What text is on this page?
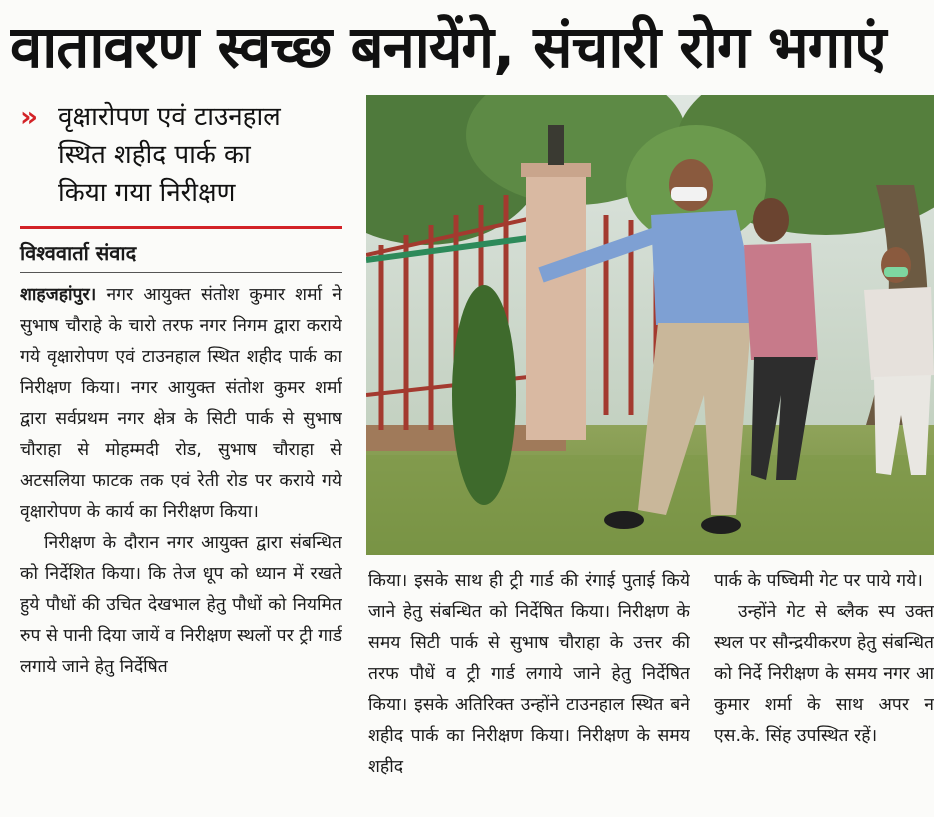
वातावरण स्वच्छ बनायेंगे, संचारी रोग भगाएं
» वृक्षारोपण एवं टाउनहाल
स्थित शहीद पार्क का
किया गया निरीक्षण
विश्ववार्ता संवाद

शाहजहांपुर। नगर आयुक्त संतोश कुमार शर्मा ने सुभाष चौराहे के चारो तरफ नगर निगम द्वारा कराये गये वृक्षारोपण एवं टाउनहाल स्थित शहीद पार्क का निरीक्षण किया। नगर आयुक्त संतोश कुमर शर्मा द्वारा सर्वप्रथम नगर क्षेत्र के सिटी पार्क से सुभाष चौराहा से मोहम्मदी रोड, सुभाष चौराहा से अटसलिया फाटक तक एवं रेती रोड पर कराये गये वृक्षारोपण के कार्य का निरीक्षण किया।

निरीक्षण के दौरान नगर आयुक्त द्वारा संबन्धित को निर्देशित किया। कि तेज धूप को ध्यान में रखते हुये पौधों की उचित देखभाल हेतु पौधों को नियमित रुप से पानी दिया जायें व निरीक्षण स्थलों पर ट्री गार्ड लगाये जाने हेतु निर्देषित

किया। इसके साथ ही ट्री गार्ड की रंगाई पुताई किये जाने हेतु संबन्धित को निर्देषित किया। निरीक्षण के समय सिटी पार्क से सुभाष चौराहा के उत्तर की तरफ पौधें व ट्री गार्ड लगाये जाने हेतु निर्देषित किया। इसके अतिरिक्त उन्होंने टाउनहाल स्थित बने शहीद पार्क का निरीक्षण किया। निरीक्षण के समय शहीद

पार्क के पष्चिमी गेट पर पाये गये।

उन्होंने गेट से ब्लैक स्प उक्त स्थल पर सौन्द्रयीकरण हेतु संबन्धित को निर्दे निरीक्षण के समय नगर आ कुमार शर्मा के साथ अपर न एस.के. सिंह उपस्थित रहें।
